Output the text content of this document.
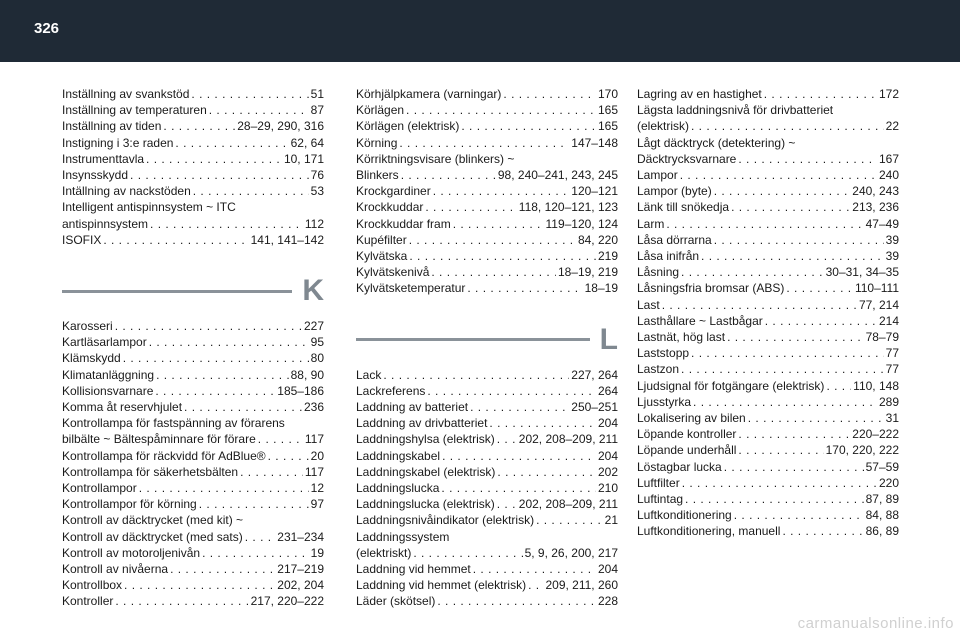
326
Inställning av svankstöd . . .	51
Inställning av temperaturen . . .	87
Inställning av tiden . . .	28–29, 290, 316
Instigning i 3:e raden . . .	62, 64
Instrumenttavla . . .	10, 171
Insynsskydd . . .	76
Intällning av nackstöden . . .	53
Intelligent antispinnsystem ~ ITC
antispinnsystem . . .	112
ISOFIX . . .	141, 141–142
K
Karosseri . . .	227
Kartläsarlampor . . .	95
Klämskydd . . .	80
Klimatanläggning . . .	88, 90
Kollisionsvarnare . . .	185–186
Komma åt reservhjulet . . .	236
Kontrollampa för fastspänning av förarens
bilbälte ~ Bältespåminnare för förare . . .	117
Kontrollampa för räckvidd för AdBlue® . . .	20
Kontrollampa för säkerhetsbälten . . .	117
Kontrollampor . . .	12
Kontrollampor för körning . . .	97
Kontroll av däcktrycket (med kit) ~
Kontroll av däcktrycket (med sats) . . .	231–234
Kontroll av motoroljenivån . . .	19
Kontroll av nivåerna . . .	217–219
Kontrollbox . . .	202, 204
Kontroller . . .	217, 220–222
Körhjälpkamera (varningar) . . .	170
Körlägen . . .	165
Körlägen (elektrisk) . . .	165
Körning . . .	147–148
Körriktningsvisare (blinkers) ~
Blinkers . . .	98, 240–241, 243, 245
Krockgardiner . . .	120–121
Krockkuddar . . .	118, 120–121, 123
Krockkuddar fram . . .	119–120, 124
Kupéfilter . . .	84, 220
Kylvätska . . .	219
Kylvätskenivå . . .	18–19, 219
Kylvätsketemperatur . . .	18–19
L
Lack . . .	227, 264
Lackreferens . . .	264
Laddning av batteriet . . .	250–251
Laddning av drivbatteriet . . .	204
Laddningshylsa (elektrisk) . . . 202, 208–209, 211
Laddningskabel . . .	204
Laddningskabel (elektrisk) . . .	202
Laddningslucka . . .	210
Laddningslucka (elektrisk) . . . 202, 208–209, 211
Laddningsnivåindikator (elektrisk) . . .	21
Laddningssystem
(elektriskt) . . .	5, 9, 26, 200, 217
Laddning vid hemmet . . .	204
Laddning vid hemmet (elektrisk) . . . 209, 211, 260
Läder (skötsel) . . .	228
Lagring av en hastighet . . .	172
Lägsta laddningsnivå för drivbatteriet
(elektrisk) . . .	22
Lågt däcktryck (detektering) ~
Däcktrycksvarnare . . .	167
Lampor . . .	240
Lampor (byte) . . .	240, 243
Länk till snökedja . . .	213, 236
Larm . . .	47–49
Låsa dörrarna . . .	39
Låsa inifrån . . .	39
Låsning . . .	30–31, 34–35
Låsningsfria bromsar (ABS) . . .	110–111
Last . . .	77, 214
Lasthållare ~ Lastbågar . . .	214
Lastnät, hög last . . .	78–79
Laststopp . . .	77
Lastzon . . .	77
Ljudsignal för fotgängare (elektrisk) . . . 110, 148
Ljusstyrka . . .	289
Lokalisering av bilen . . .	31
Löpande kontroller . . .	220–222
Löpande underhåll . . .	170, 220, 222
Löstagbar lucka . . .	57–59
Luftfilter . . .	220
Luftintag . . .	87, 89
Luftkonditionering . . .	84, 88
Luftkonditionering, manuell . . .	86, 89
carmanualsonline.info
